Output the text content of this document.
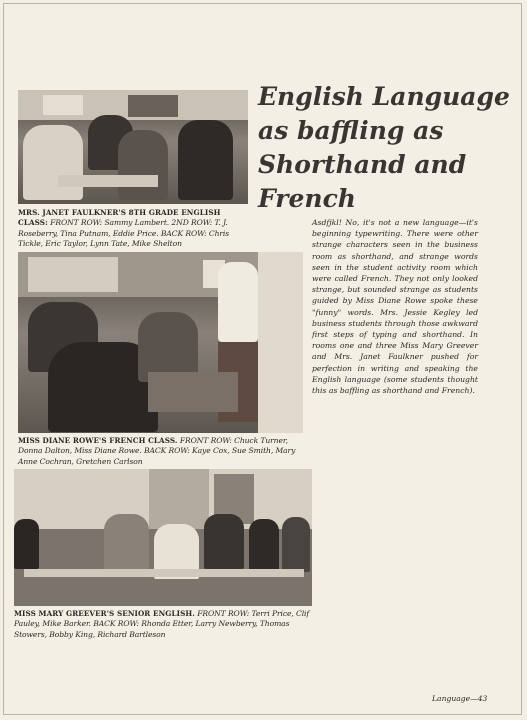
MRS. JANET FAULKNER'S 8TH GRADE ENGLISH CLASS: FRONT ROW: Sammy Lambert. 2ND ROW: T. J. Roseberry, Tina Putnam, Eddie Price. BACK ROW: Chris Tickle, Eric Taylor, Lynn Tate, Mike Shelton
MISS DIANE ROWE'S FRENCH CLASS. FRONT ROW: Chuck Turner, Donna Dalton, Miss Diane Rowe. BACK ROW: Kaye Cox, Sue Smith, Mary Anne Cochran, Gretchen Carlson
MISS MARY GREEVER'S SENIOR ENGLISH. FRONT ROW: Terri Price, Clif Pauley, Mike Barker. BACK ROW: Rhonda Etter, Larry Newberry, Thomas Stowers, Bobby King, Richard Bartleson
English Language
as baffling as
Shorthand and
French
Asdfjkl! No, it's not a new language—it's beginning typewriting. There were other strange characters seen in the business room as shorthand, and strange words seen in the student activity room which were called French. They not only looked strange, but sounded strange as students guided by Miss Diane Rowe spoke these "funny" words. Mrs. Jessie Kegley led business students through those awkward first steps of typing and shorthand. In rooms one and three Miss Mary Greever and Mrs. Janet Faulkner pushed for perfection in writing and speaking the English language (some students thought this as baffling as shorthand and French).
Language—43
